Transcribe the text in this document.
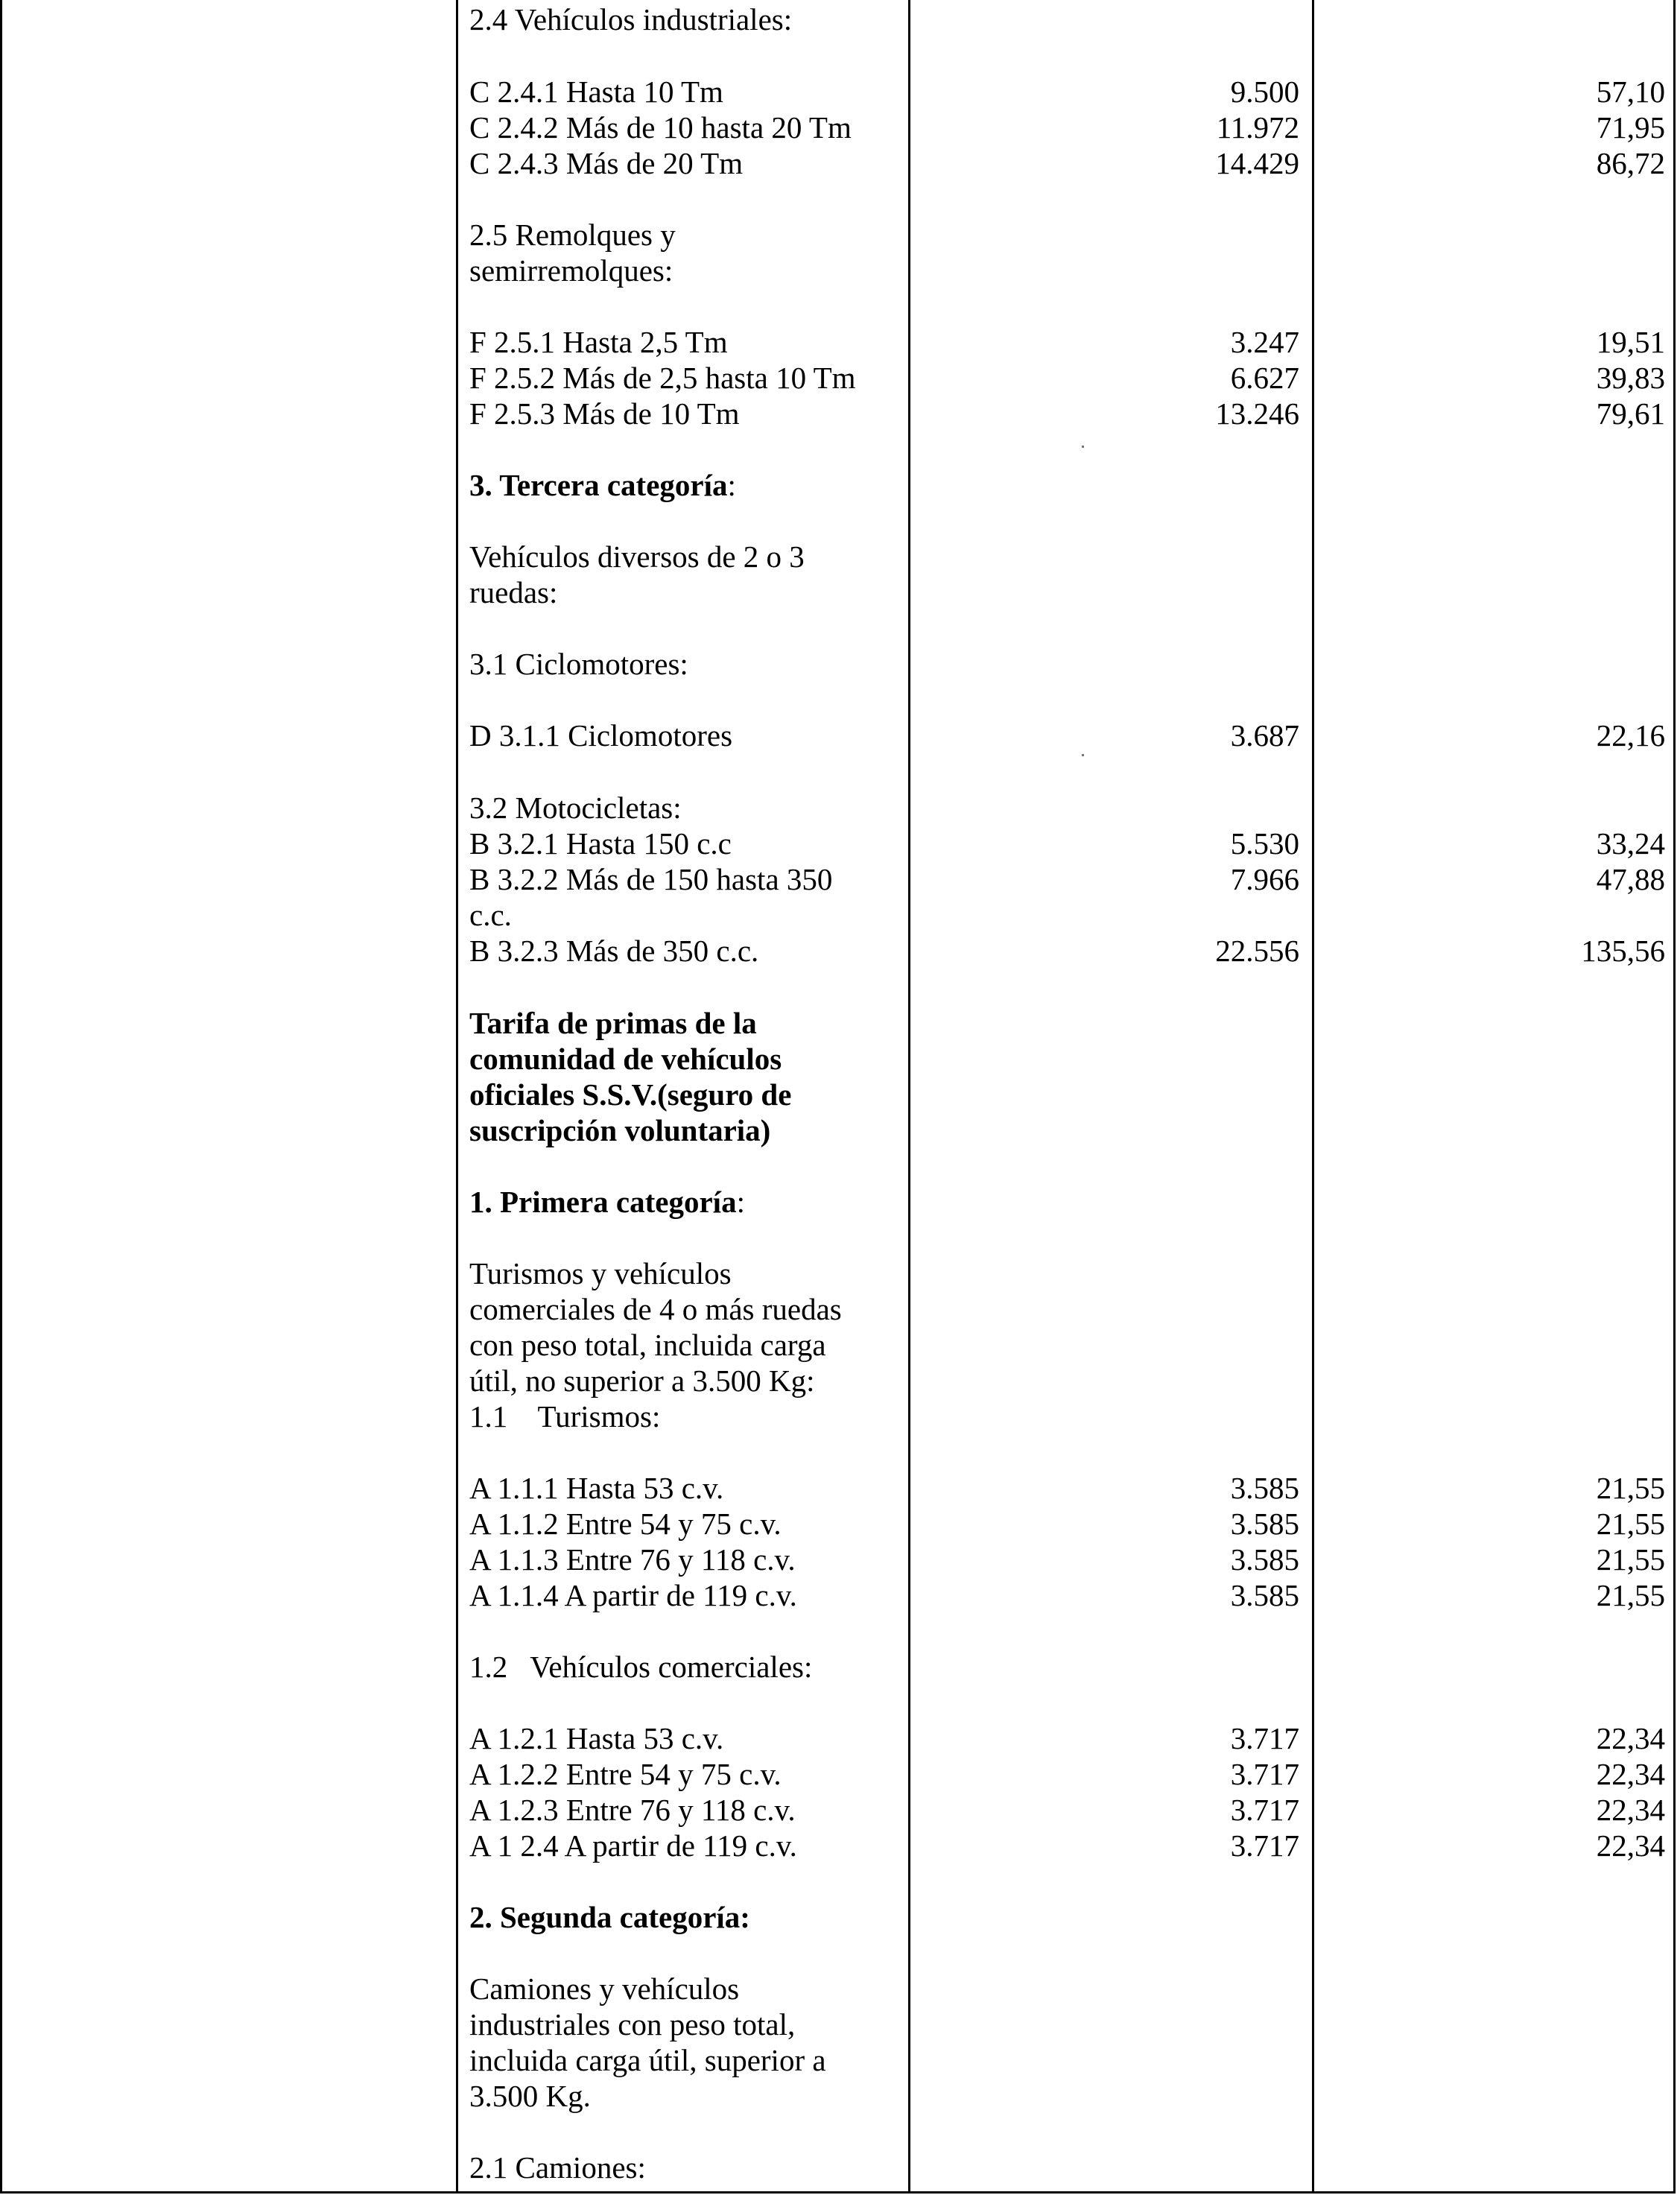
2.4 Vehículos industriales:
C 2.4.1 Hasta 10 Tm	9.500	57,10
C 2.4.2 Más de 10 hasta 20 Tm	11.972	71,95
C 2.4.3 Más de 20 Tm	14.429	86,72
2.5 Remolques y
semirremolques:
F 2.5.1 Hasta 2,5 Tm	3.247	19,51
F 2.5.2 Más de 2,5 hasta 10 Tm	6.627	39,83
F 2.5.3 Más de 10 Tm	13.246	79,61
3. Tercera categoría:
Vehículos diversos de 2 o 3
ruedas:
3.1 Ciclomotores:
D 3.1.1 Ciclomotores	3.687	22,16
3.2 Motocicletas:
B 3.2.1 Hasta 150 c.c	5.530	33,24
B 3.2.2 Más de 150 hasta 350	7.966	47,88
c.c.
B 3.2.3 Más de 350 c.c.	22.556	135,56
Tarifa de primas de la
comunidad de vehículos
oficiales S.S.V.(seguro de
suscripción voluntaria)
1. Primera categoría:
Turismos y vehículos
comerciales de 4 o más ruedas
con peso total, incluida carga
útil, no superior a 3.500 Kg:
1.1    Turismos:
A 1.1.1 Hasta 53 c.v.	3.585	21,55
A 1.1.2 Entre 54 y 75 c.v.	3.585	21,55
A 1.1.3 Entre 76 y 118 c.v.	3.585	21,55
A 1.1.4 A partir de 119 c.v.	3.585	21,55
1.2   Vehículos comerciales:
A 1.2.1 Hasta 53 c.v.	3.717	22,34
A 1.2.2 Entre 54 y 75 c.v.	3.717	22,34
A 1.2.3 Entre 76 y 118 c.v.	3.717	22,34
A 1 2.4 A partir de 119 c.v.	3.717	22,34
2. Segunda categoría:
Camiones y vehículos
industriales con peso total,
incluida carga útil, superior a
3.500 Kg.
2.1 Camiones:
